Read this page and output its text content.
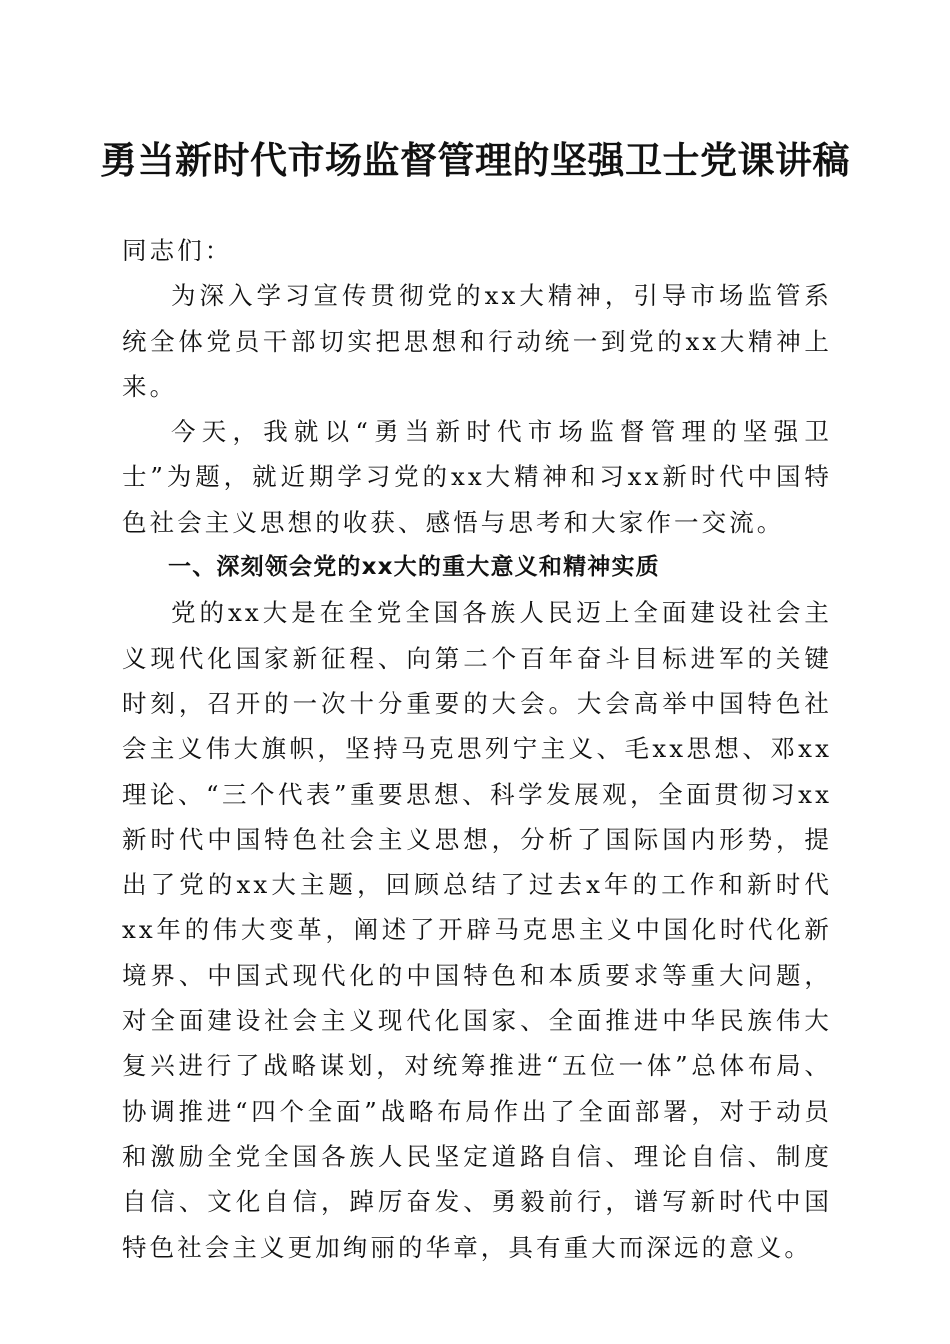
勇当新时代市场监督管理的坚强卫士党课讲稿

同志们：

为深入学习宣传贯彻党的xx大精神，引导市场监管系统全体党员干部切实把思想和行动统一到党的xx大精神上来。

今天，我就以“勇当新时代市场监督管理的坚强卫士”为题，就近期学习党的xx大精神和习xx新时代中国特色社会主义思想的收获、感悟与思考和大家作一交流。

一、深刻领会党的xx大的重大意义和精神实质

党的xx大是在全党全国各族人民迈上全面建设社会主义现代化国家新征程、向第二个百年奋斗目标进军的关键时刻，召开的一次十分重要的大会。大会高举中国特色社会主义伟大旗帜，坚持马克思列宁主义、毛xx思想、邓xx理论、“三个代表”重要思想、科学发展观，全面贯彻习xx新时代中国特色社会主义思想，分析了国际国内形势，提出了党的xx大主题，回顾总结了过去x年的工作和新时代xx年的伟大变革，阐述了开辟马克思主义中国化时代化新境界、中国式现代化的中国特色和本质要求等重大问题，对全面建设社会主义现代化国家、全面推进中华民族伟大复兴进行了战略谋划，对统筹推进“五位一体”总体布局、协调推进“四个全面”战略布局作出了全面部署，对于动员和激励全党全国各族人民坚定道路自信、理论自信、制度自信、文化自信，踔厉奋发、勇毅前行，谱写新时代中国特色社会主义更加绚丽的华章，具有重大而深远的意义。
